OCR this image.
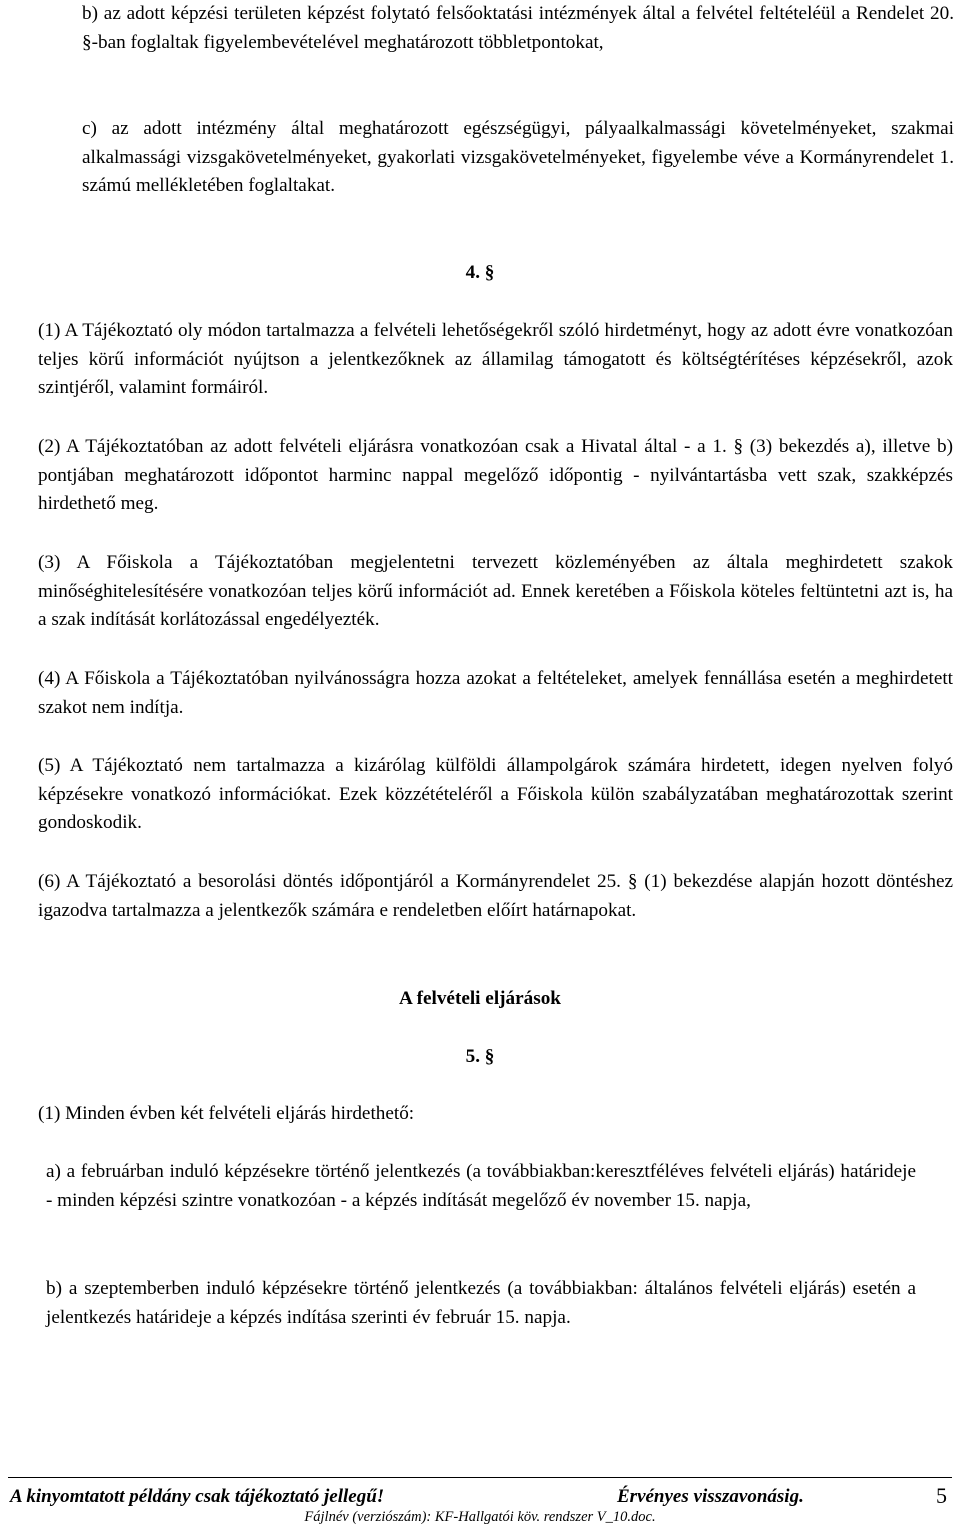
b) az adott képzési területen képzést folytató felsőoktatási intézmények által a felvétel feltételéül a Rendelet 20. §-ban foglaltak figyelembevételével meghatározott többletpontokat,

c) az adott intézmény által meghatározott egészségügyi, pályaalkalmassági követelményeket, szakmai alkalmassági vizsgakövetelményeket, gyakorlati vizsgakövetelményeket, figyelembe véve a Kormányrendelet 1. számú mellékletében foglaltakat.

4. §

(1) A Tájékoztató oly módon tartalmazza a felvételi lehetőségekről szóló hirdetményt, hogy az adott évre vonatkozóan teljes körű információt nyújtson a jelentkezőknek az államilag támogatott és költségtérítéses képzésekről, azok szintjéről, valamint formáiról.

(2) A Tájékoztatóban az adott felvételi eljárásra vonatkozóan csak a Hivatal által - a 1. § (3) bekezdés a), illetve b) pontjában meghatározott időpontot harminc nappal megelőző időpontig - nyilvántartásba vett szak, szakképzés hirdethető meg.

(3) A Főiskola a Tájékoztatóban megjelentetni tervezett közleményében az általa meghirdetett szakok minőséghitelesítésére vonatkozóan teljes körű információt ad. Ennek keretében a Főiskola köteles feltüntetni azt is, ha a szak indítását korlátozással engedélyezték.

(4) A Főiskola a Tájékoztatóban nyilvánosságra hozza azokat a feltételeket, amelyek fennállása esetén a meghirdetett szakot nem indítja.

(5) A Tájékoztató nem tartalmazza a kizárólag külföldi állampolgárok számára hirdetett, idegen nyelven folyó képzésekre vonatkozó információkat. Ezek közzétételéről a Főiskola külön szabályzatában meghatározottak szerint gondoskodik.

(6) A Tájékoztató a besorolási döntés időpontjáról a Kormányrendelet 25. § (1) bekezdése alapján hozott döntéshez igazodva tartalmazza a jelentkezők számára e rendeletben előírt határnapokat.

A felvételi eljárások
5. §

(1) Minden évben két felvételi eljárás hirdethető:

a) a februárban induló képzésekre történő jelentkezés (a továbbiakban:keresztféléves felvételi eljárás) határideje - minden képzési szintre vonatkozóan - a képzés indítását megelőző év november 15. napja,

b) a szeptemberben induló képzésekre történő jelentkezés (a továbbiakban: általános felvételi eljárás) esetén a jelentkezés határideje a képzés indítása szerinti év február 15. napja.

A kinyomtatott példány csak tájékoztató jellegű!	Érvényes visszavonásig.	5
Fájlnév (verziószám): KF-Hallgatói köv. rendszer V_10.doc.
